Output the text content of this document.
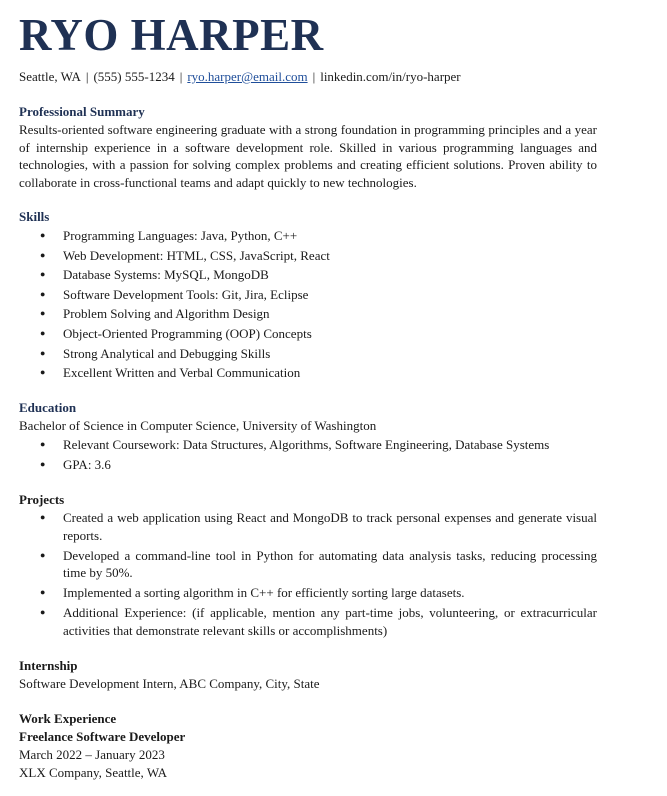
RYO HARPER
Seattle, WA | (555) 555-1234 | ryo.harper@email.com | linkedin.com/in/ryo-harper

Professional Summary

Results-oriented software engineering graduate with a strong foundation in programming principles and a year of internship experience in a software development role. Skilled in various programming languages and technologies, with a passion for solving complex problems and creating efficient solutions. Proven ability to collaborate in cross-functional teams and adapt quickly to new technologies.

Skills

● Programming Languages: Java, Python, C++
● Web Development: HTML, CSS, JavaScript, React
● Database Systems: MySQL, MongoDB
● Software Development Tools: Git, Jira, Eclipse
● Problem Solving and Algorithm Design
● Object-Oriented Programming (OOP) Concepts
● Strong Analytical and Debugging Skills
● Excellent Written and Verbal Communication

Education

Bachelor of Science in Computer Science, University of Washington

● Relevant Coursework: Data Structures, Algorithms, Software Engineering, Database Systems
● GPA: 3.6

Projects

● Created a web application using React and MongoDB to track personal expenses and generate visual reports.
● Developed a command-line tool in Python for automating data analysis tasks, reducing processing time by 50%.
● Implemented a sorting algorithm in C++ for efficiently sorting large datasets.
● Additional Experience: (if applicable, mention any part-time jobs, volunteering, or extracurricular activities that demonstrate relevant skills or accomplishments)

Internship

Software Development Intern, ABC Company, City, State

Work Experience

Freelance Software Developer

March 2022 – January 2023

XLX Company, Seattle, WA
